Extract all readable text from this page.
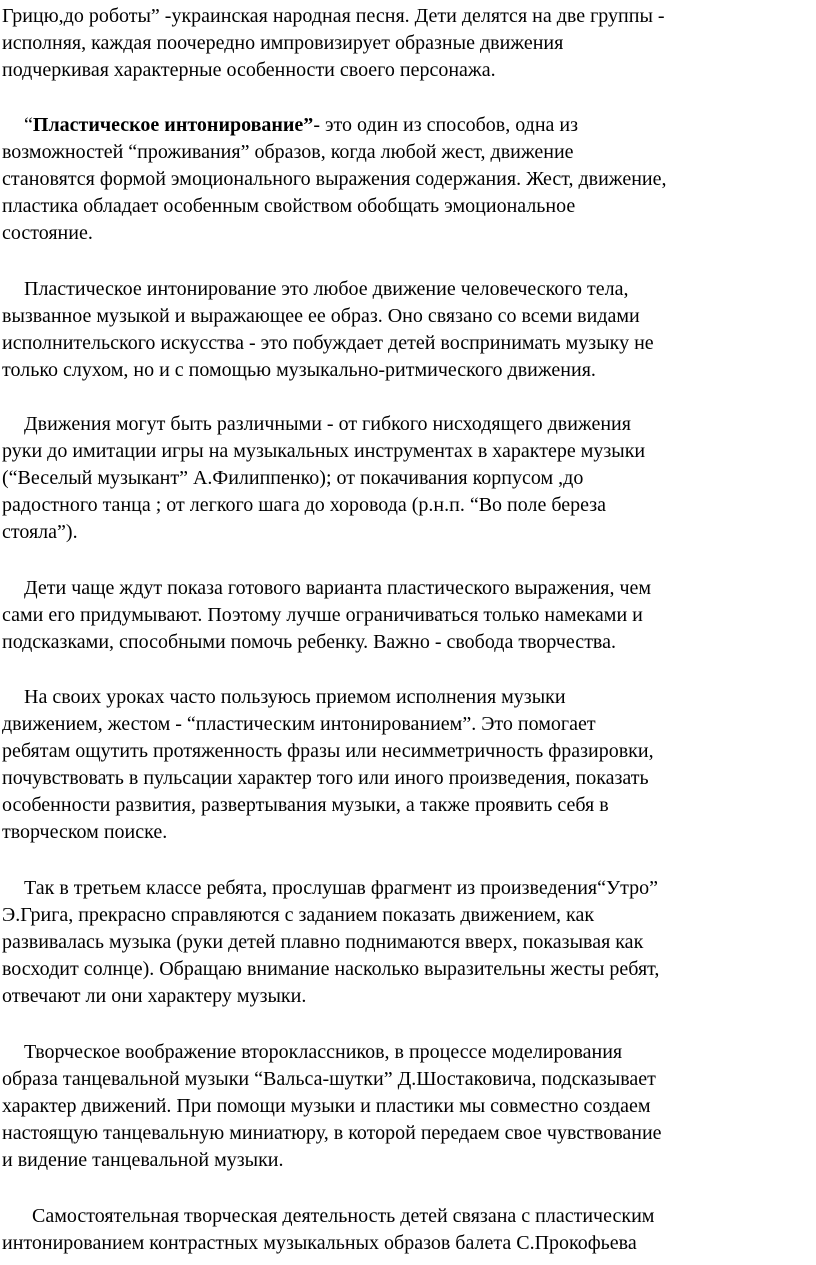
Грицю,до роботы” -украинская народная песня. Дети делятся на две группы -
исполняя, каждая поочередно импровизирует образные движения
подчеркивая характерные особенности своего персонажа.

“Пластическое интонирование”- это один из способов, одна из
возможностей “проживания” образов, когда любой жест, движение
становятся формой эмоционального выражения содержания. Жест, движение,
пластика обладает особенным свойством обобщать эмоциональное
состояние.

Пластическое интонирование это любое движение человеческого тела,
вызванное музыкой и выражающее ее образ. Оно связано со всеми видами
исполнительского искусства - это побуждает детей воспринимать музыку не
только слухом, но и с помощью музыкально-ритмического движения.

Движения могут быть различными - от гибкого нисходящего движения
руки до имитации игры на музыкальных инструментах в характере музыки
(“Веселый музыкант” А.Филиппенко); от покачивания корпусом ,до
радостного танца ; от легкого шага до хоровода (р.н.п. “Во поле береза
стояла”).

Дети чаще ждут показа готового варианта пластического выражения, чем
сами его придумывают. Поэтому лучше ограничиваться только намеками и
подсказками, способными помочь ребенку. Важно - свобода творчества.

На своих уроках часто пользуюсь приемом исполнения музыки
движением, жестом - “пластическим интонированием”. Это помогает
ребятам ощутить протяженность фразы или несимметричность фразировки,
почувствовать в пульсации характер того или иного произведения, показать
особенности развития, развертывания музыки, а также проявить себя в
творческом поиске.

Так в третьем классе ребята, прослушав фрагмент из произведения“Утро”
Э.Грига, прекрасно справляются с заданием показать движением, как
развивалась музыка (руки детей плавно поднимаются вверх, показывая как
восходит солнце). Обращаю внимание насколько выразительны жесты ребят,
отвечают ли они характеру музыки.

Творческое воображение второклассников, в процессе моделирования
образа танцевальной музыки “Вальса-шутки” Д.Шостаковича, подсказывает
характер движений. При помощи музыки и пластики мы совместно создаем
настоящую танцевальную миниатюру, в которой передаем свое чувствование
и видение танцевальной музыки.

Самостоятельная творческая деятельность детей связана с пластическим
интонированием контрастных музыкальных образов балета С.Прокофьева
